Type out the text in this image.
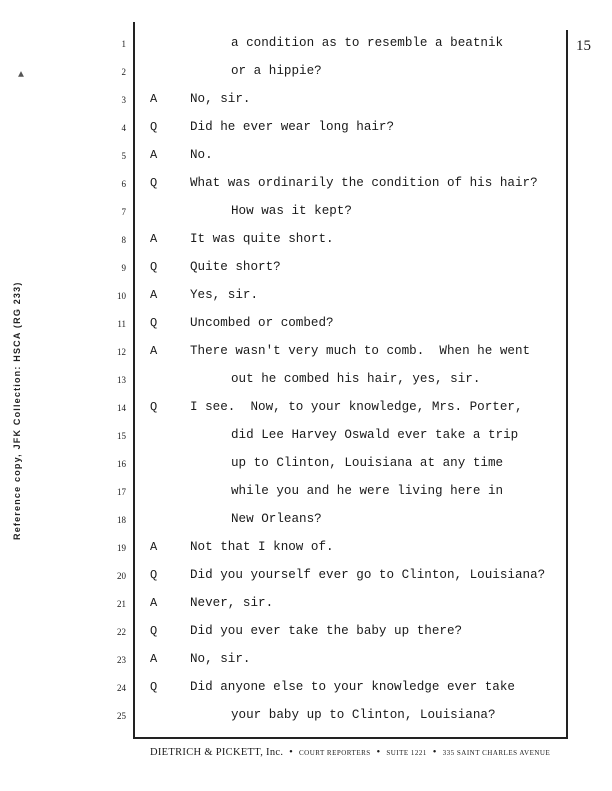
▲
Reference copy, JFK Collection: HSCA (RG 233)
15
1	a condition as to resemble a beatnik
2	or a hippie?
3 A	No, sir.
4 Q	Did he ever wear long hair?
5 A	No.
6 Q	What was ordinarily the condition of his hair?
7	How was it kept?
8 A	It was quite short.
9 Q	Quite short?
10 A	Yes, sir.
11 Q	Uncombed or combed?
12 A	There wasn't very much to comb.  When he went
13	out he combed his hair, yes, sir.
14 Q	I see.  Now, to your knowledge, Mrs. Porter,
15	did Lee Harvey Oswald ever take a trip
16	up to Clinton, Louisiana at any time
17	while you and he were living here in
18	New Orleans?
19 A	Not that I know of.
20 Q	Did you yourself ever go to Clinton, Louisiana?
21 A	Never, sir.
22 Q	Did you ever take the baby up there?
23 A	No, sir.
24 Q	Did anyone else to your knowledge ever take
25	your baby up to Clinton, Louisiana?
DIETRICH & PICKETT, Inc.  •  COURT REPORTERS  •  SUITE 1221  •  335 SAINT CHARLES AVENUE
